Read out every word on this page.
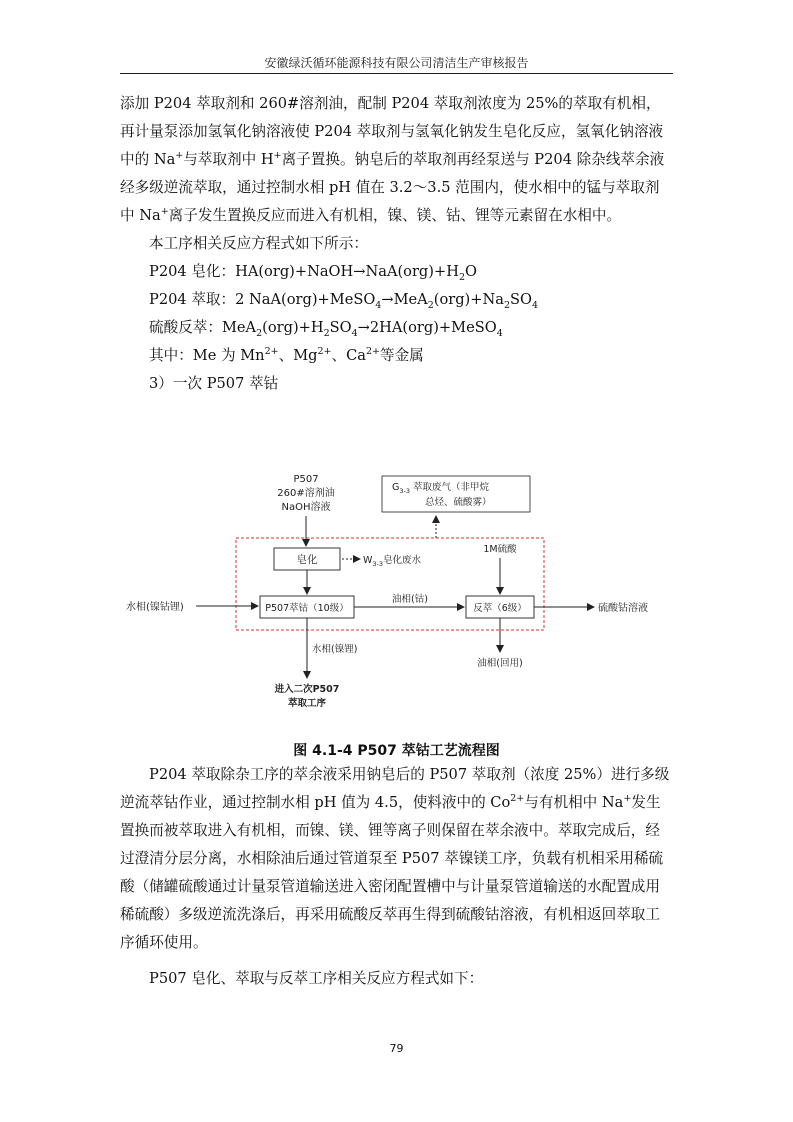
安徽绿沃循环能源科技有限公司清洁生产审核报告

添加 P204 萃取剂和 260#溶剂油，配制 P204 萃取剂浓度为 25%的萃取有机相，再计量泵添加氢氧化钠溶液使 P204 萃取剂与氢氧化钠发生皂化反应，氢氧化钠溶液中的 Na+与萃取剂中 H+离子置换。钠皂后的萃取剂再经泵送与 P204 除杂线萃余液经多级逆流萃取，通过控制水相 pH 值在 3.2～3.5 范围内，使水相中的锰与萃取剂中 Na+离子发生置换反应而进入有机相，镍、镁、钴、锂等元素留在水相中。

本工序相关反应方程式如下所示：

P204 皂化：$HA(org)+NaOH\to NaA(org)+H_2O$

P204 萃取：2 $NaA(org)+MeSO_4\to MeA_2(org)+Na_2SO_4$

硫酸反萃：$MeA_2(org)+H_2SO_4\to 2HA(org)+MeSO_4$

其中：Me 为 $Mn^{2+}$、$Mg^{2+}$、$Ca^{2+}$等金属

3）一次 P507 萃钴

P507
260#溶剂油
NaOH溶液
$G_{3-3}$ 萃取废气（非甲烷
总烃、硫酸雾）
皂化	$W_{3-3}$皂化废水
1M硫酸
水相(镍钴锂)	P507萃钴（10级）
油相(钴)
反萃（6级）	硫酸钴溶液
水相(镍锂)
进入二次P507
萃取工序
油相(回用)
图 4.1-4 P507 萃钴工艺流程图

P204 萃取除杂工序的萃余液采用钠皂后的 P507 萃取剂（浓度 25%）进行多级逆流萃钴作业，通过控制水相 pH 值为 4.5，使料液中的 $Co^{2+}$与有机相中 Na+发生置换而被萃取进入有机相，而镍、镁、锂等离子则保留在萃余液中。萃取完成后，经过澄清分层分离，水相除油后通过管道泵至 P507 萃镍镁工序，负载有机相采用稀硫酸（储罐硫酸通过计量泵管道输送进入密闭配置槽中与计量泵管道输送的水配置成用稀硫酸）多级逆流洗涤后，再采用硫酸反萃再生得到硫酸钴溶液，有机相返回萃取工序循环使用。

P507 皂化、萃取与反萃工序相关反应方程式如下：

79
